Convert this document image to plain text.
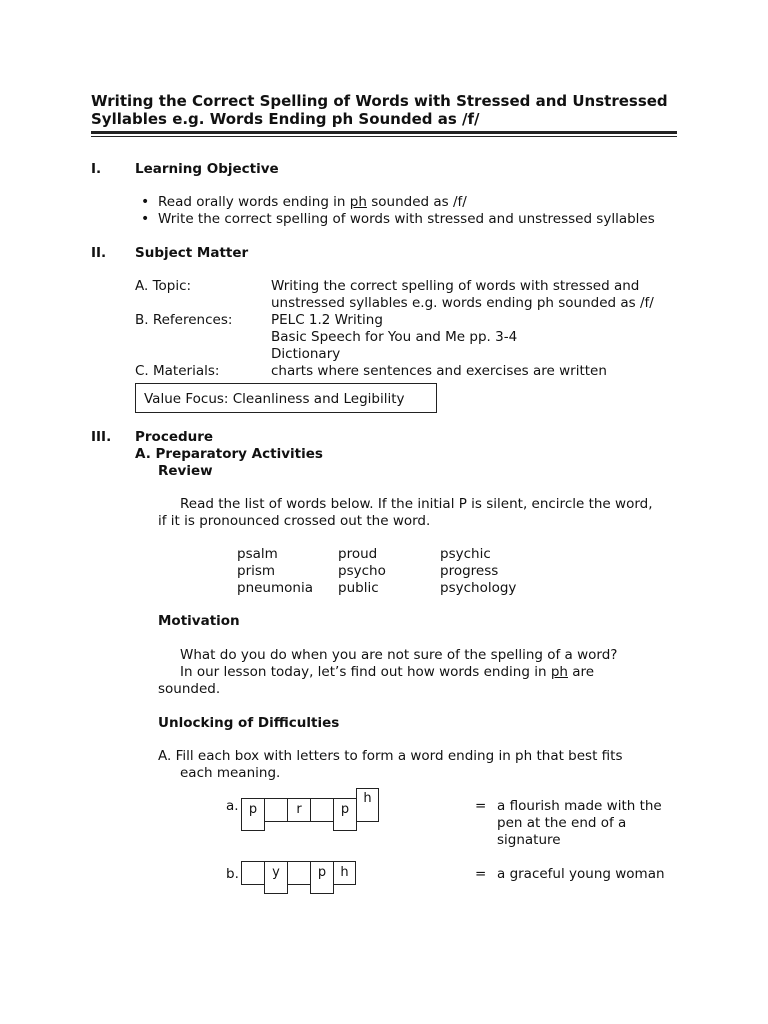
Writing the Correct Spelling of Words with Stressed and Unstressed
Syllables e.g. Words Ending ph Sounded as /f/
I.	Learning Objective
• Read orally words ending in ph sounded as /f/
• Write the correct spelling of words with stressed and unstressed syllables
II. Subject Matter
A. Topic:	Writing the correct spelling of words with stressed and
unstressed syllables e.g. words ending ph sounded as /f/
B. References:	PELC 1.2 Writing
Basic Speech for You and Me pp. 3-4
Dictionary
C. Materials:	charts where sentences and exercises are written
Value Focus: Cleanliness and Legibility
III. Procedure
A. Preparatory Activities
Review
Read the list of words below. If the initial P is silent, encircle the word,
if it is pronounced crossed out the word.
psalm	proud	psychic
prism	psycho	progress
pneumonia public	psychology
Motivation
What do you do when you are not sure of the spelling of a word?
In our lesson today, let’s find out how words ending in ph are
sounded.
Unlocking of Difficulties
A. Fill each box with letters to form a word ending in ph that best fits
each meaning.
a. p	r	p
h	= a flourish made with the
pen at the end of a
signature
b.	y	p	h	= a graceful young woman
